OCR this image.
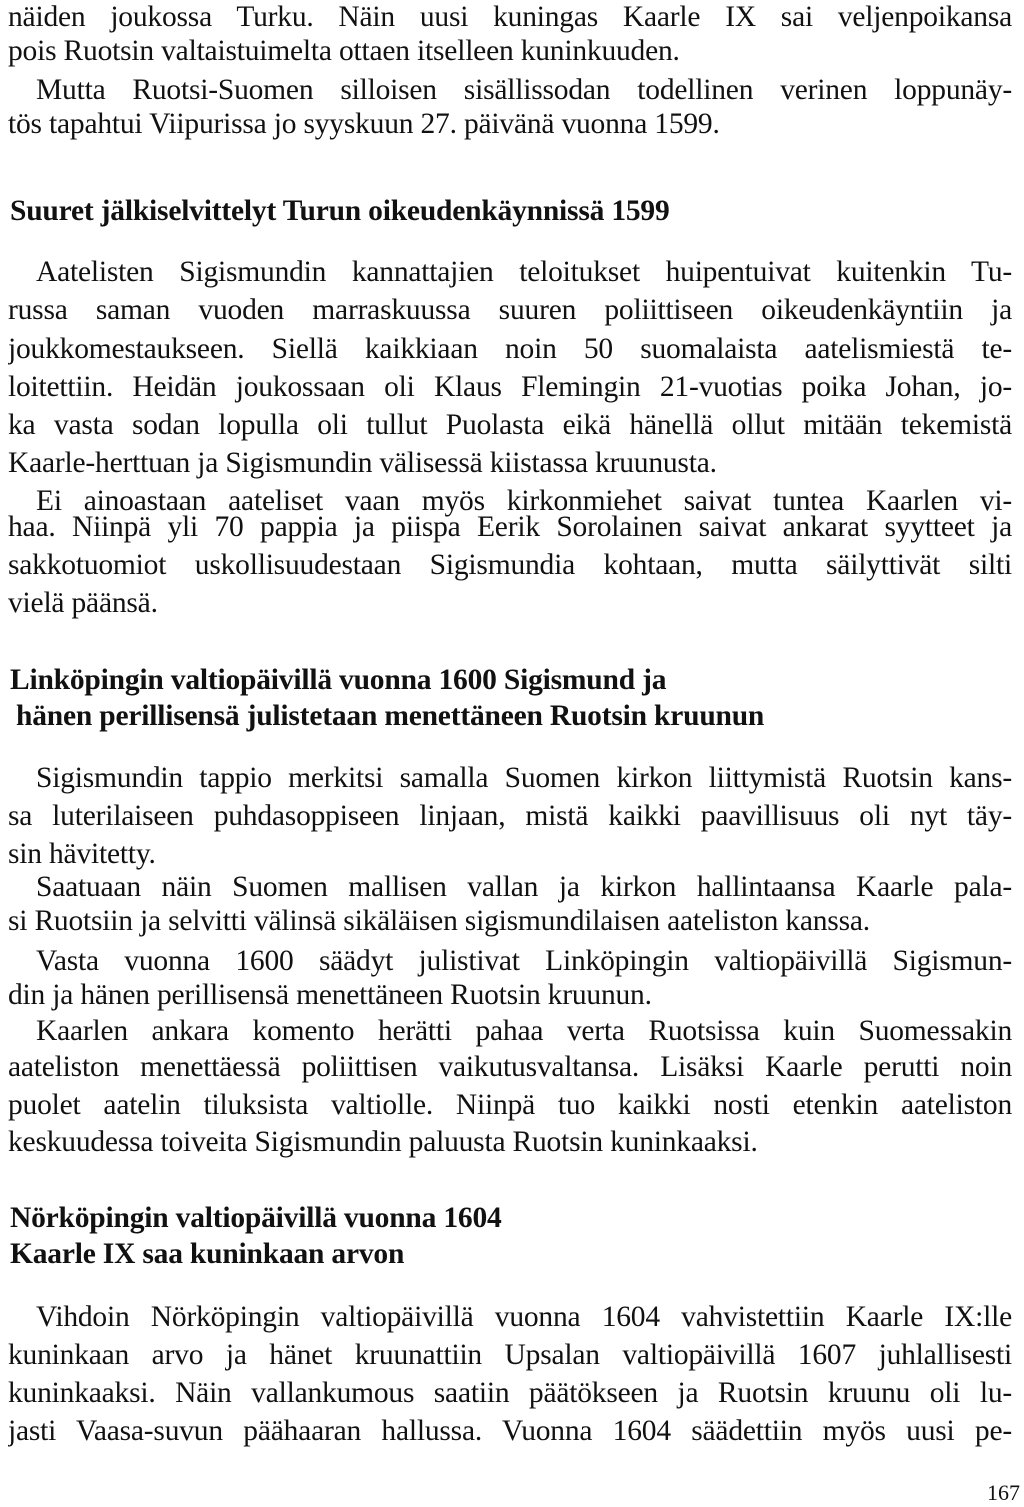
näiden joukossa Turku. Näin uusi kuningas Kaarle IX sai veljenpoikansa
pois Ruotsin valtaistuimelta ottaen itselleen kuninkuuden.
Mutta Ruotsi-Suomen silloisen sisällissodan todellinen verinen loppunäy-
tös tapahtui Viipurissa jo syyskuun 27. päivänä vuonna 1599.
Suuret jälkiselvittelyt Turun oikeudenkäynnissä 1599
Aatelisten Sigismundin kannattajien teloitukset huipentuivat kuitenkin Tu-
russa saman vuoden marraskuussa suuren poliittiseen oikeudenkäyntiin ja
joukkomestaukseen. Siellä kaikkiaan noin 50 suomalaista aatelismiestä te-
loitettiin. Heidän joukossaan oli Klaus Flemingin 21-vuotias poika Johan, jo-
ka vasta sodan lopulla oli tullut Puolasta eikä hänellä ollut mitään tekemistä
Kaarle-herttuan ja Sigismundin välisessä kiistassa kruunusta.
Ei ainoastaan aateliset vaan myös kirkonmiehet saivat tuntea Kaarlen vi-
haa. Niinpä yli 70 pappia ja piispa Eerik Sorolainen saivat ankarat syytteet ja
sakkotuomiot uskollisuudestaan Sigismundia kohtaan, mutta säilyttivät silti
vielä päänsä.
Linköpingin valtiopäivillä vuonna 1600 Sigismund ja
hänen perillisensä julistetaan menettäneen Ruotsin kruunun
Sigismundin tappio merkitsi samalla Suomen kirkon liittymistä Ruotsin kans-
sa luterilaiseen puhdasoppiseen linjaan, mistä kaikki paavillisuus oli nyt täy-
sin hävitetty.
Saatuaan näin Suomen mallisen vallan ja kirkon hallintaansa Kaarle pala-
si Ruotsiin ja selvitti välinsä sikäläisen sigismundilaisen aateliston kanssa.
Vasta vuonna 1600 säädyt julistivat Linköpingin valtiopäivillä Sigismun-
din ja hänen perillisensä menettäneen Ruotsin kruunun.
Kaarlen ankara komento herätti pahaa verta Ruotsissa kuin Suomessakin
aateliston menettäessä poliittisen vaikutusvaltansa. Lisäksi Kaarle perutti noin
puolet aatelin tiluksista valtiolle. Niinpä tuo kaikki nosti etenkin aateliston
keskuudessa toiveita Sigismundin paluusta Ruotsin kuninkaaksi.
Nörköpingin valtiopäivillä vuonna 1604
Kaarle IX saa kuninkaan arvon
Vihdoin Nörköpingin valtiopäivillä vuonna 1604 vahvistettiin Kaarle IX:lle
kuninkaan arvo ja hänet kruunattiin Upsalan valtiopäivillä 1607 juhlallisesti
kuninkaaksi. Näin vallankumous saatiin päätökseen ja Ruotsin kruunu oli lu-
jasti Vaasa-suvun päähaaran hallussa. Vuonna 1604 säädettiin myös uusi pe-
167
